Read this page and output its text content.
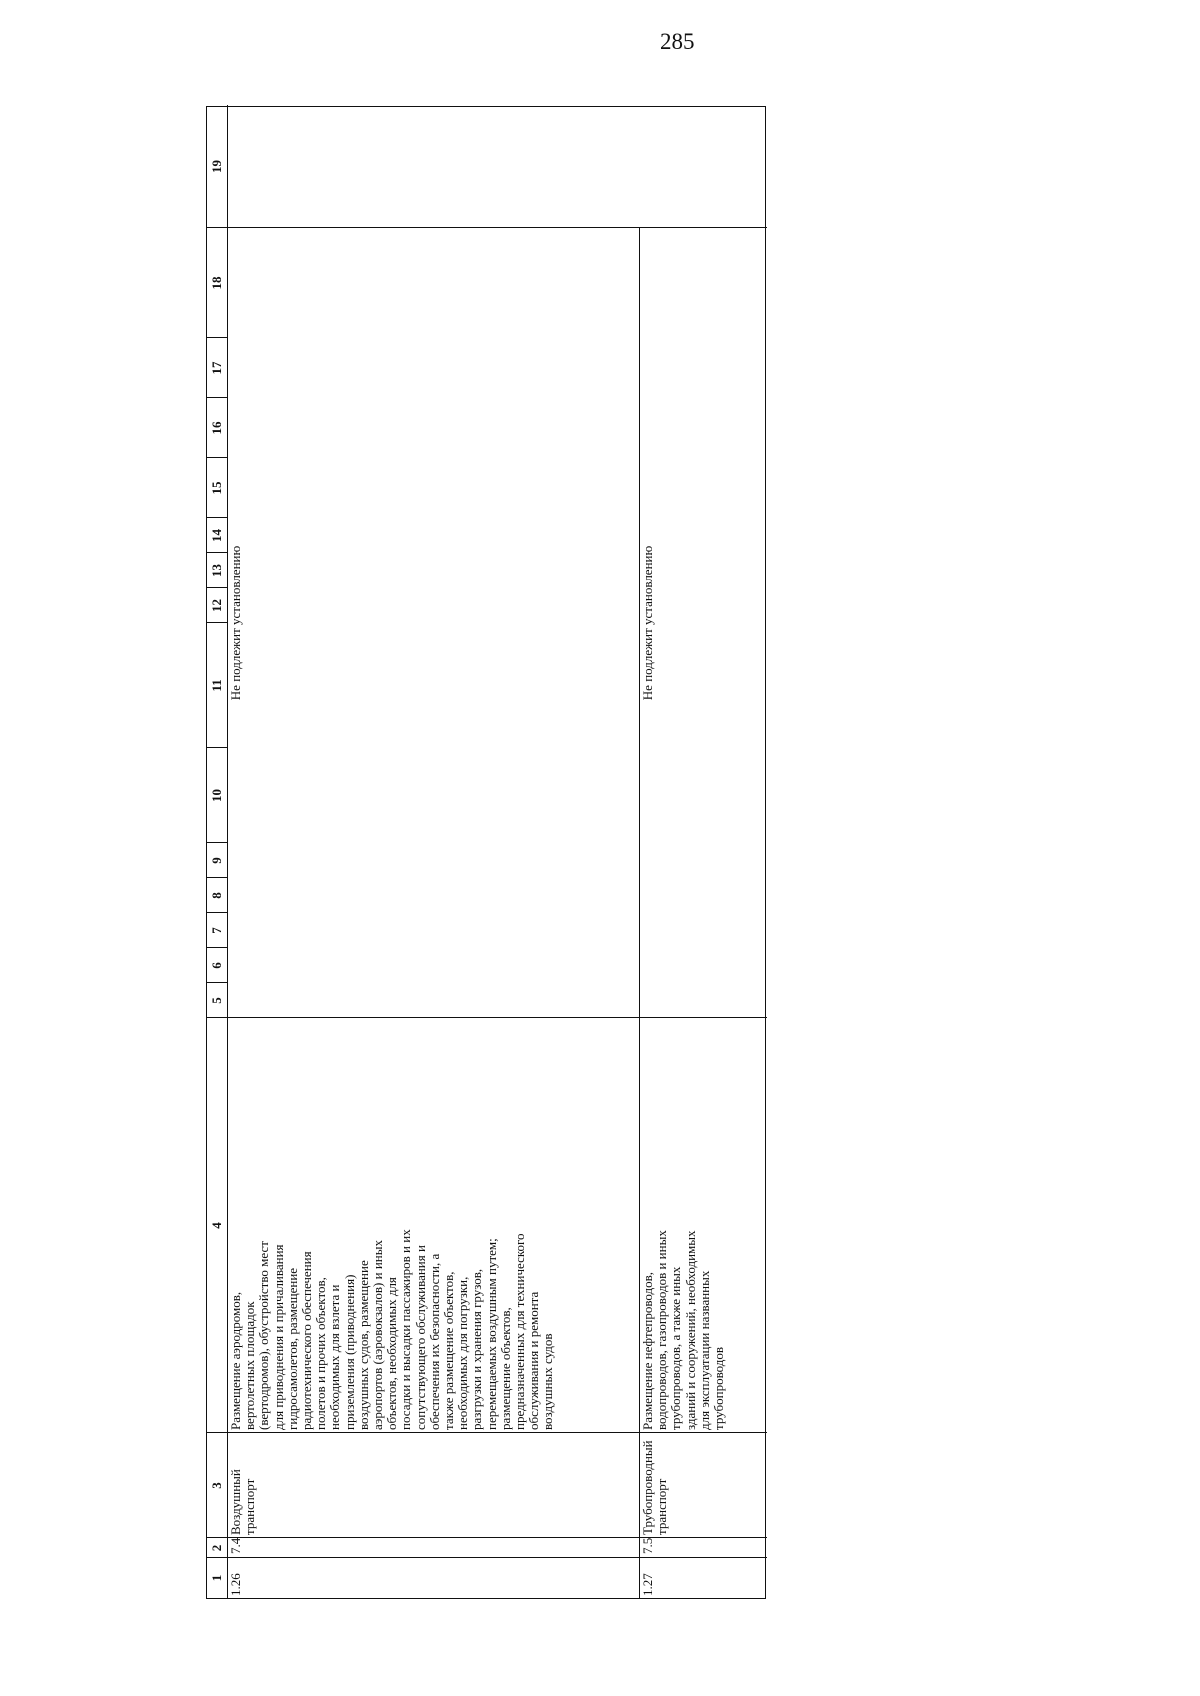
285
1
2
3
4
5
6
7
8
9
10
11
12
13
14
15
16
17
18
19
1.26
7.4
Воздушный
транспорт
Размещение аэродромов,
вертолетных площадок
(вертодромов), обустройство мест
для приводнения и причаливания
гидросамолетов, размещение
радиотехнического обеспечения
полетов и прочих объектов,
необходимых для взлета и
приземления (приводнения)
воздушных судов, размещение
аэропортов (аэровокзалов) и иных
объектов, необходимых для
посадки и высадки пассажиров и их
сопутствующего обслуживания и
обеспечения их безопасности, а
также размещение объектов,
необходимых для погрузки,
разгрузки и хранения грузов,
перемещаемых воздушным путем;
размещение объектов,
предназначенных для технического
обслуживания и ремонта
воздушных судов
Не подлежит установлению
1.27
7.5
Трубопроводный
транспорт
Размещение нефтепроводов,
водопроводов, газопроводов и иных
трубопроводов, а также иных
зданий и сооружений, необходимых
для эксплуатации названных
трубопроводов
Не подлежит установлению
